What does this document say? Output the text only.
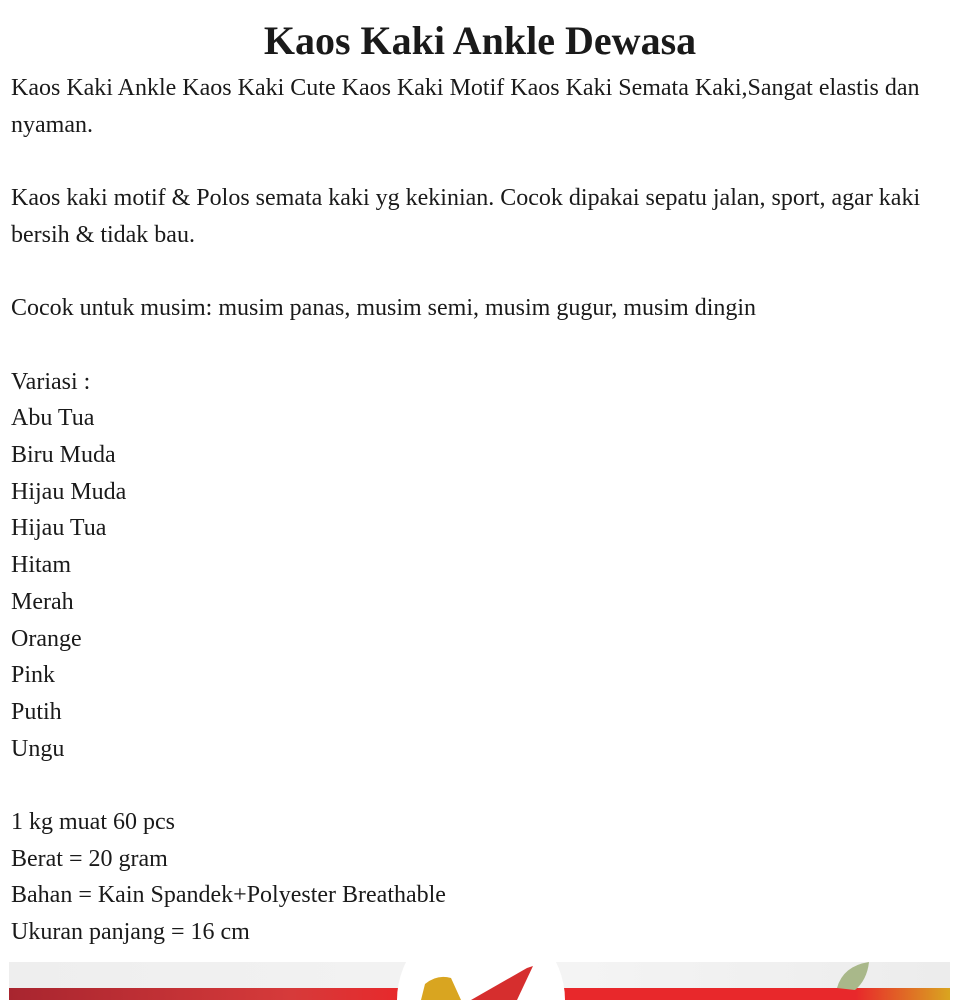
Kaos Kaki Ankle Dewasa

Kaos Kaki Ankle Kaos Kaki Cute Kaos Kaki Motif Kaos Kaki Semata Kaki,Sangat elastis dan nyaman.

Kaos kaki motif & Polos semata kaki yg kekinian. Cocok dipakai sepatu jalan, sport, agar kaki bersih & tidak bau.

Cocok untuk musim: musim panas, musim semi, musim gugur, musim dingin

Variasi :

Abu Tua

Biru Muda

Hijau Muda

Hijau Tua

Hitam

Merah

Orange

Pink

Putih

Ungu

1 kg muat 60 pcs

Berat = 20 gram

Bahan = Kain Spandek+Polyester Breathable

Ukuran panjang = 16 cm
